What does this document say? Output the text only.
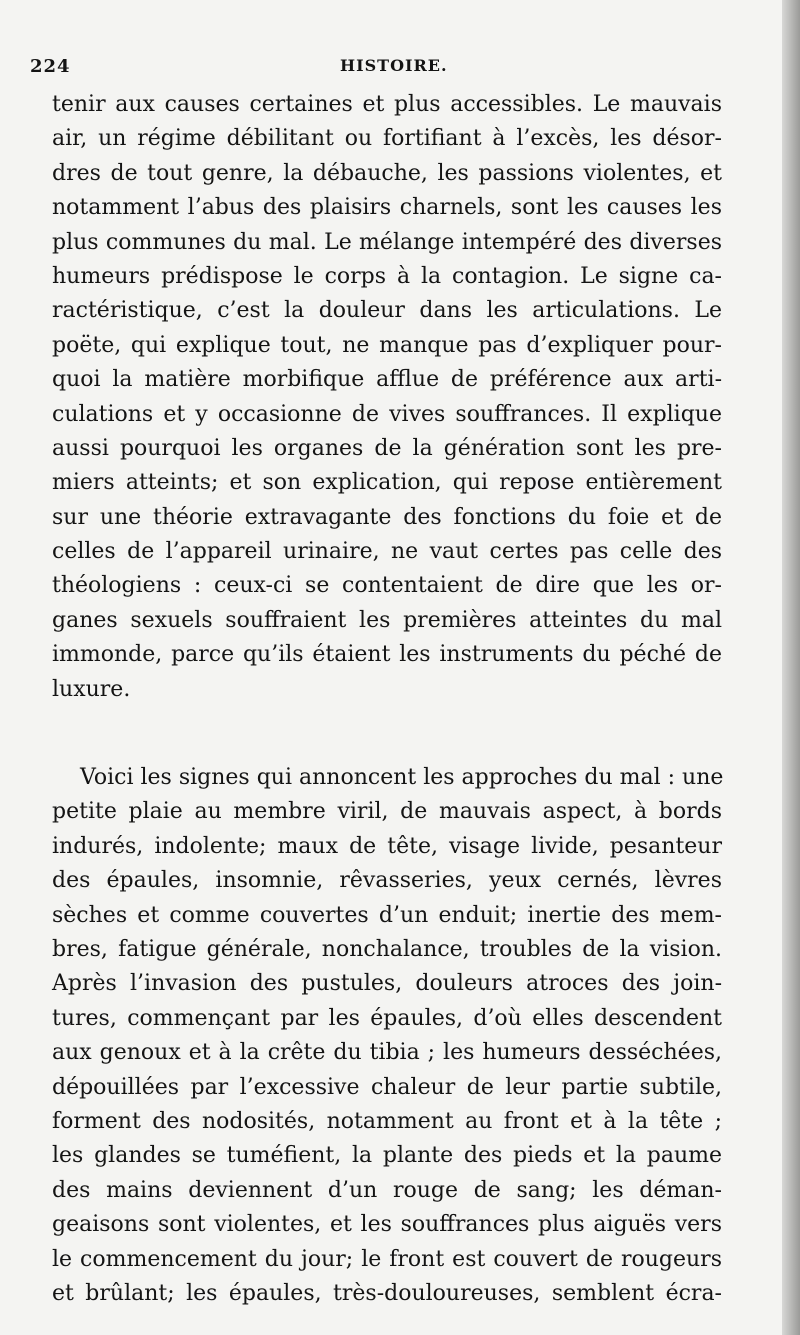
224	HISTOIRE.
tenir aux causes certaines et plus accessibles. Le mauvais
air, un régime débilitant ou fortifiant à l’excès, les désor-
dres de tout genre, la débauche, les passions violentes, et
notamment l’abus des plaisirs charnels, sont les causes les
plus communes du mal. Le mélange intempéré des diverses
humeurs prédispose le corps à la contagion. Le signe ca-
ractéristique, c’est la douleur dans les articulations. Le
poëte, qui explique tout, ne manque pas d’expliquer pour-
quoi la matière morbifique afflue de préférence aux arti-
culations et y occasionne de vives souffrances. Il explique
aussi pourquoi les organes de la génération sont les pre-
miers atteints; et son explication, qui repose entièrement
sur une théorie extravagante des fonctions du foie et de
celles de l’appareil urinaire, ne vaut certes pas celle des
théologiens : ceux-ci se contentaient de dire que les or-
ganes sexuels souffraient les premières atteintes du mal
immonde, parce qu’ils étaient les instruments du péché de
luxure.
Voici les signes qui annoncent les approches du mal : une
petite plaie au membre viril, de mauvais aspect, à bords
indurés, indolente; maux de tête, visage livide, pesanteur
des épaules, insomnie, rêvasseries, yeux cernés, lèvres
sèches et comme couvertes d’un enduit; inertie des mem-
bres, fatigue générale, nonchalance, troubles de la vision.
Après l’invasion des pustules, douleurs atroces des join-
tures, commençant par les épaules, d’où elles descendent
aux genoux et à la crête du tibia ; les humeurs desséchées,
dépouillées par l’excessive chaleur de leur partie subtile,
forment des nodosités, notamment au front et à la tête ;
les glandes se tuméfient, la plante des pieds et la paume
des mains deviennent d’un rouge de sang; les déman-
geaisons sont violentes, et les souffrances plus aiguës vers
le commencement du jour; le front est couvert de rougeurs
et brûlant; les épaules, très-douloureuses, semblent écra-
